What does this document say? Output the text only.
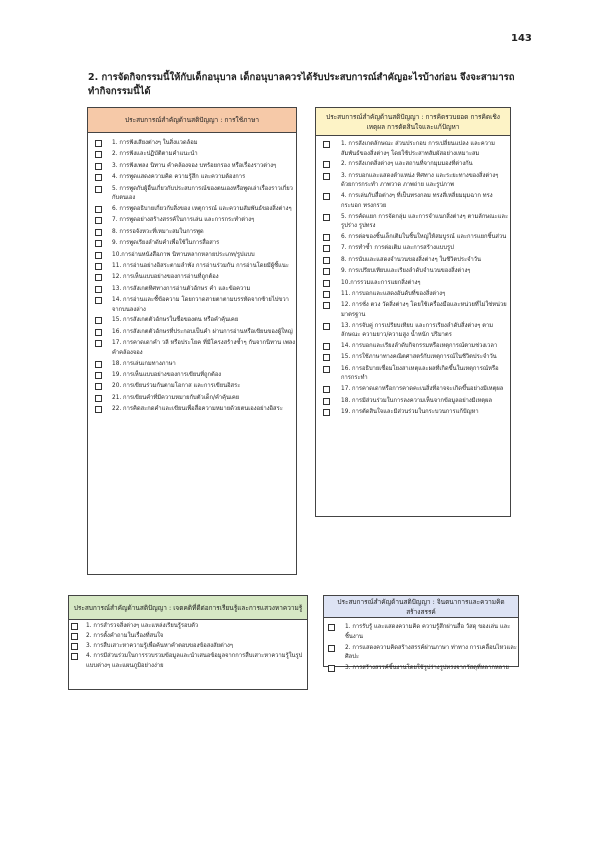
143
2. การจัดกิจกรรมนี้ให้กับเด็กอนุบาล เด็กอนุบาลควรได้รับประสบการณ์สำคัญอะไรบ้างก่อน จึงจะสามารถทำกิจกรรมนี้ได้
ประสบการณ์สำคัญด้านสติปัญญา : การใช้ภาษา
1. การฟังเสียงต่างๆ ในสิ่งแวดล้อม
2. การฟังและปฏิบัติตามคำแนะนำ
3. การฟังเพลง นิทาน คำคล้องจอง บทร้อยกรอง หรือเรื่องราวต่างๆ
4. การพูดแสดงความคิด ความรู้สึก และความต้องการ
5. การพูดกับผู้อื่นเกี่ยวกับประสบการณ์ของตนเองหรือพูดเล่าเรื่องราวเกี่ยวกับตนเอง
6. การพูดอธิบายเกี่ยวกับสิ่งของ เหตุการณ์ และความสัมพันธ์ของสิ่งต่างๆ
7. การพูดอย่างสร้างสรรค์ในการเล่น และการกระทำต่างๆ
8. การรอจังหวะที่เหมาะสมในการพูด
9. การพูดเรียงลำดับคำเพื่อใช้ในการสื่อสาร
10.การอ่านหนังสือภาพ นิทานหลากหลายประเภท/รูปแบบ
11. การอ่านอย่างอิสระตามลำพัง การอ่านร่วมกัน การอ่านโดยมีผู้ชี้แนะ
12. การเห็นแบบอย่างของการอ่านที่ถูกต้อง
13. การสังเกตทิศทางการอ่านตัวอักษร คำ และข้อความ
14. การอ่านและชี้ข้อความ โดยกวาดสายตาตามบรรทัดจากซ้ายไปขวา จากบนลงล่าง
15. การสังเกตตัวอักษรในชื่อของตน หรือคำคุ้นเคย
16. การสังเกตตัวอักษรที่ประกอบเป็นคำ ผ่านการอ่านหรือเขียนของผู้ใหญ่
17. การคาดเดาคำ วลี หรือประโยค ที่มีโครงสร้างซ้ำๆ กันจากนิทาน เพลง คำคล้องจอง
18. การเล่นเกมทางภาษา
19. การเห็นแบบอย่างของการเขียนที่ถูกต้อง
20. การเขียนร่วมกันตามโอกาส และการเขียนอิสระ
21. การเขียนคำที่มีความหมายกับตัวเด็ก/คำคุ้นเคย
22. การคิดสะกดคำและเขียนเพื่อสื่อความหมายด้วยตนเองอย่างอิสระ
ประสบการณ์สำคัญด้านสติปัญญา : การคิดรวบยอด การคิดเชิงเหตุผล การตัดสินใจและแก้ปัญหา
1. การสังเกตลักษณะ ส่วนประกอบ การเปลี่ยนแปลง และความสัมพันธ์ของสิ่งต่างๆ โดยใช้ประสาทสัมผัสอย่างเหมาะสม
2. การสังเกตสิ่งต่างๆ และสถานที่จากมุมมองที่ต่างกัน
3. การบอกและแสดงตำแหน่ง ทิศทาง และระยะทางของสิ่งต่างๆ ด้วยการกระทำ ภาพวาด ภาพถ่าย และรูปภาพ
4. การเล่นกับสื่อต่างๆ ที่เป็นทรงกลม ทรงสี่เหลี่ยมมุมฉาก ทรงกระบอก ทรงกรวย
5. การคัดแยก การจัดกลุ่ม และการจำแนกสิ่งต่างๆ ตามลักษณะและรูปร่าง รูปทรง
6. การต่อของชิ้นเล็กเติมในชิ้นใหญ่ให้สมบูรณ์ และการแยกชิ้นส่วน
7. การทำซ้ำ การต่อเติม และการสร้างแบบรูป
8. การนับและแสดงจำนวนของสิ่งต่างๆ ในชีวิตประจำวัน
9. การเปรียบเทียบและเรียงลำดับจำนวนของสิ่งต่างๆ
10.การรวมและการแยกสิ่งต่างๆ
11. การบอกและแสดงอันดับที่ของสิ่งต่างๆ
12. การชั่ง ตวง วัดสิ่งต่างๆ โดยใช้เครื่องมือและหน่วยที่ไม่ใช่หน่วยมาตรฐาน
13. การจับคู่ การเปรียบเทียบ และการเรียงลำดับสิ่งต่างๆ ตามลักษณะ ความยาว/ความสูง น้ำหนัก ปริมาตร
14. การบอกและเรียงลำดับกิจกรรมหรือเหตุการณ์ตามช่วงเวลา
15. การใช้ภาษาทางคณิตศาสตร์กับเหตุการณ์ในชีวิตประจำวัน
16. การอธิบายเชื่อมโยงสาเหตุและผลที่เกิดขึ้นในเหตุการณ์หรือการกระทำ
17. การคาดเดาหรือการคาดคะเนสิ่งที่อาจจะเกิดขึ้นอย่างมีเหตุผล
18. การมีส่วนร่วมในการลงความเห็นจากข้อมูลอย่างมีเหตุผล
19. การตัดสินใจและมีส่วนร่วมในกระบวนการแก้ปัญหา
ประสบการณ์สำคัญด้านสติปัญญา : เจตคติที่ดีต่อการเรียนรู้และการแสวงหาความรู้
1. การสำรวจสิ่งต่างๆ และแหล่งเรียนรู้รอบตัว
2. การตั้งคำถามในเรื่องที่สนใจ
3. การสืบเสาะหาความรู้เพื่อค้นหาคำตอบของข้อสงสัยต่างๆ
4. การมีส่วนร่วมในการรวบรวมข้อมูลและนำเสนอข้อมูลจากการสืบเสาะหาความรู้ในรูปแบบต่างๆ และแผนภูมิอย่างง่าย
ประสบการณ์สำคัญด้านสติปัญญา : จินตนาการและความคิดสร้างสรรค์
1. การรับรู้ และแสดงความคิด ความรู้สึกผ่านสื่อ วัสดุ ของเล่น และชิ้นงาน
2. การแสดงความคิดสร้างสรรค์ผ่านภาษา ท่าทาง การเคลื่อนไหวและศิลปะ
3. การสร้างสรรค์ชิ้นงานโดยใช้รูปร่างรูปทรงจากวัสดุที่หลากหลาย
